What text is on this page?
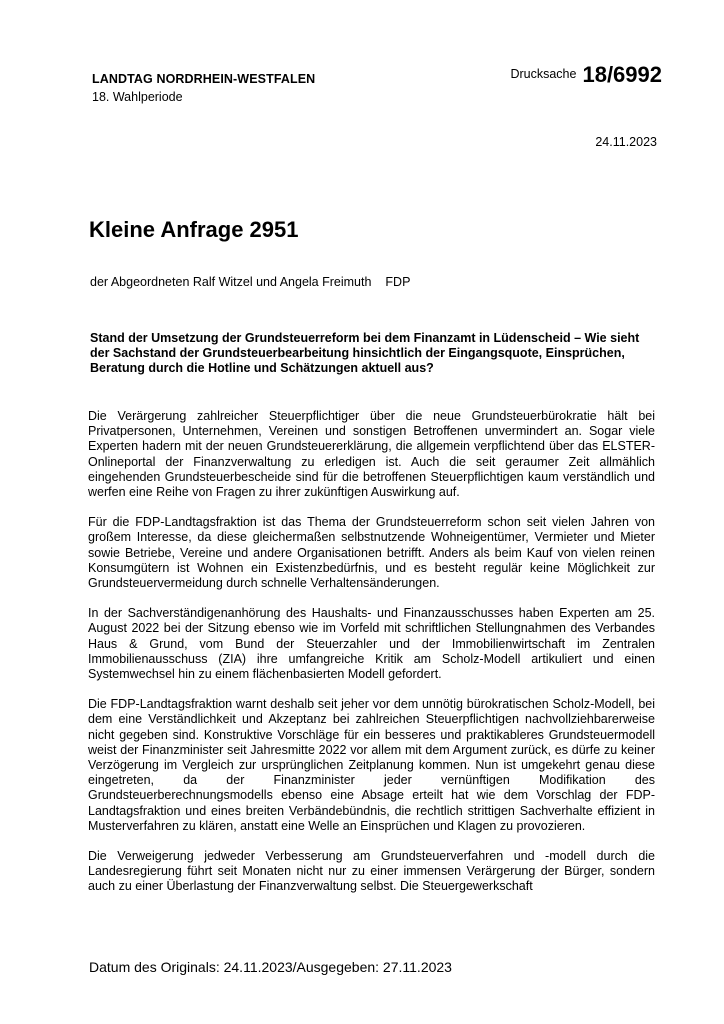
LANDTAG NORDRHEIN-WESTFALEN
18. Wahlperiode
$^{Drucksache}$ 18/6992
24.11.2023
Kleine Anfrage 2951
der Abgeordneten Ralf Witzel und Angela Freimuth FDP
Stand der Umsetzung der Grundsteuerreform bei dem Finanzamt in Lüdenscheid – Wie sieht der Sachstand der Grundsteuerbearbeitung hinsichtlich der Eingangsquote, Einsprüchen, Beratung durch die Hotline und Schätzungen aktuell aus?

Die Verärgerung zahlreicher Steuerpflichtiger über die neue Grundsteuerbürokratie hält bei Privatpersonen, Unternehmen, Vereinen und sonstigen Betroffenen unvermindert an. Sogar viele Experten hadern mit der neuen Grundsteuererklärung, die allgemein verpflichtend über das ELSTER-Onlineportal der Finanzverwaltung zu erledigen ist. Auch die seit geraumer Zeit allmählich eingehenden Grundsteuerbescheide sind für die betroffenen Steuerpflichtigen kaum verständlich und werfen eine Reihe von Fragen zu ihrer zukünftigen Auswirkung auf.

Für die FDP-Landtagsfraktion ist das Thema der Grundsteuerreform schon seit vielen Jahren von großem Interesse, da diese gleichermaßen selbstnutzende Wohneigentümer, Vermieter und Mieter sowie Betriebe, Vereine und andere Organisationen betrifft. Anders als beim Kauf von vielen reinen Konsumgütern ist Wohnen ein Existenzbedürfnis, und es besteht regulär keine Möglichkeit zur Grundsteuervermeidung durch schnelle Verhaltensänderungen.

In der Sachverständigenanhörung des Haushalts- und Finanzausschusses haben Experten am 25. August 2022 bei der Sitzung ebenso wie im Vorfeld mit schriftlichen Stellungnahmen des Verbandes Haus & Grund, vom Bund der Steuerzahler und der Immobilienwirtschaft im Zentralen Immobilienausschuss (ZIA) ihre umfangreiche Kritik am Scholz-Modell artikuliert und einen Systemwechsel hin zu einem flächenbasierten Modell gefordert.

Die FDP-Landtagsfraktion warnt deshalb seit jeher vor dem unnötig bürokratischen Scholz-Modell, bei dem eine Verständlichkeit und Akzeptanz bei zahlreichen Steuerpflichtigen nachvollziehbarerweise nicht gegeben sind. Konstruktive Vorschläge für ein besseres und praktikableres Grundsteuermodell weist der Finanzminister seit Jahresmitte 2022 vor allem mit dem Argument zurück, es dürfe zu keiner Verzögerung im Vergleich zur ursprünglichen Zeitplanung kommen. Nun ist umgekehrt genau diese eingetreten, da der Finanzminister jeder vernünftigen Modifikation des Grundsteuerberechnungsmodells ebenso eine Absage erteilt hat wie dem Vorschlag der FDP-Landtagsfraktion und eines breiten Verbändebündnis, die rechtlich strittigen Sachverhalte effizient in Musterverfahren zu klären, anstatt eine Welle an Einsprüchen und Klagen zu provozieren.

Die Verweigerung jedweder Verbesserung am Grundsteuerverfahren und -modell durch die Landesregierung führt seit Monaten nicht nur zu einer immensen Verärgerung der Bürger, sondern auch zu einer Überlastung der Finanzverwaltung selbst. Die Steuergewerkschaft

Datum des Originals: 24.11.2023/Ausgegeben: 27.11.2023
